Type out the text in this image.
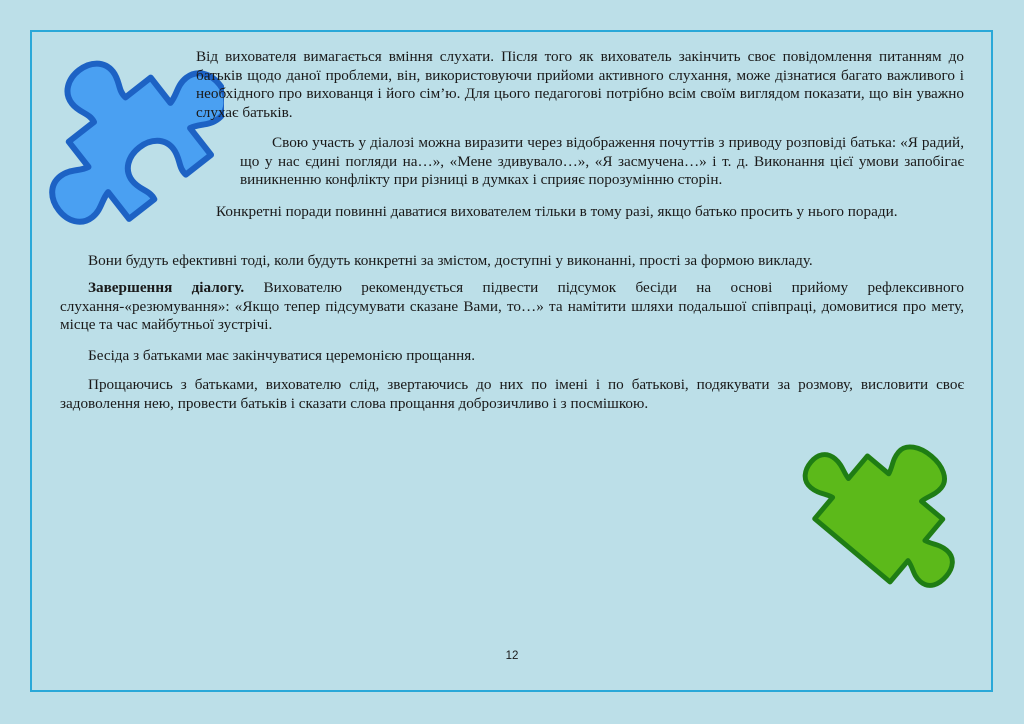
Від вихователя вимагається вміння слухати. Після того як вихователь закінчить своє повідомлення питанням до батьків щодо даної проблеми, він, використовуючи прийоми активного слухання, може дізнатися багато важливого і необхідного про вихованця і його сім’ю. Для цього педагогові потрібно всім своїм виглядом показати, що він уважно слухає батьків.

Свою участь у діалозі можна виразити через відображення почуттів з приводу розповіді батька: «Я радий, що у нас єдині погляди на…», «Мене здивувало…», «Я засмучена…» і т. д. Виконання цієї умови запобігає виникненню конфлікту при різниці в думках і сприяє порозумінню сторін.

Конкретні поради повинні даватися вихователем тільки в тому разі, якщо батько просить у нього поради.

Вони будуть ефективні тоді, коли будуть конкретні за змістом, доступні у виконанні, прості за формою викладу.

Завершення діалогу. Вихователю рекомендується підвести підсумок бесіди на основі прийому рефлексивного слухання-«резюмування»: «Якщо тепер підсумувати сказане Вами, то…» та намітити шляхи подальшої співпраці, домовитися про мету, місце та час майбутньої зустрічі.

Бесіда з батьками має закінчуватися церемонією прощання.

Прощаючись з батьками, вихователю слід, звертаючись до них по імені і по батькові, подякувати за розмову, висловити своє задоволення нею, провести батьків і сказати слова прощання доброзичливо і з посмішкою.

12
